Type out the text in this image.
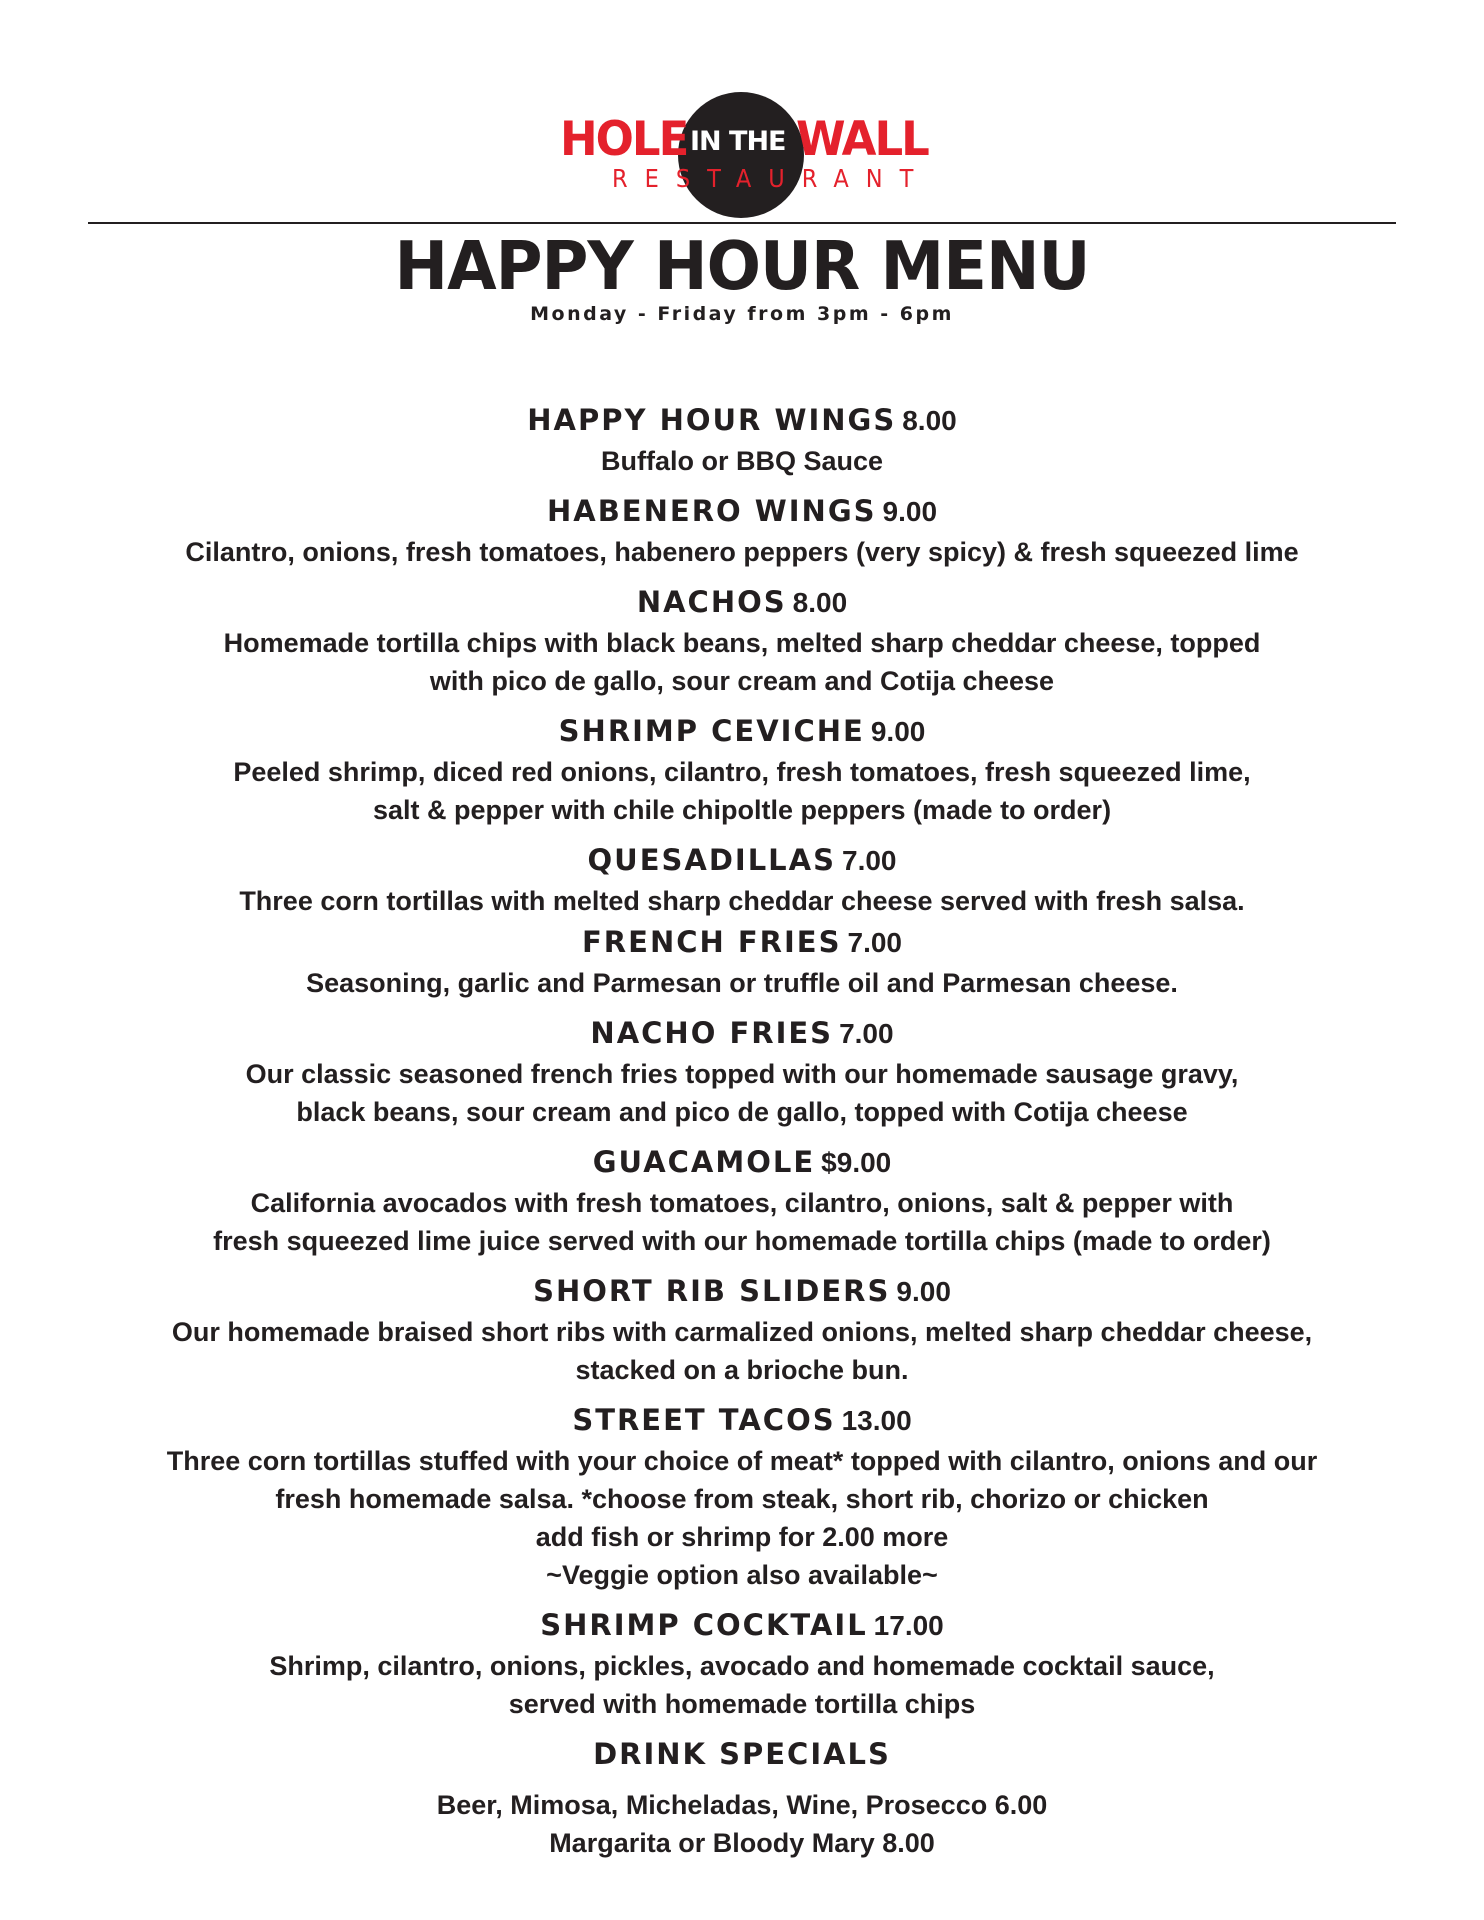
HOLE IN THE WALL
RESTAURANT
HAPPY HOUR MENU
Monday - Friday from 3pm - 6pm
HAPPY HOUR WINGS 8.00
Buffalo or BBQ Sauce
HABENERO WINGS 9.00
Cilantro, onions, fresh tomatoes, habenero peppers (very spicy) & fresh squeezed lime
NACHOS 8.00
Homemade tortilla chips with black beans, melted sharp cheddar cheese, topped
with pico de gallo, sour cream and Cotija cheese
SHRIMP CEVICHE 9.00
Peeled shrimp, diced red onions, cilantro, fresh tomatoes, fresh squeezed lime,
salt & pepper with chile chipoltle peppers (made to order)
QUESADILLAS 7.00
Three corn tortillas with melted sharp cheddar cheese served with fresh salsa.
FRENCH FRIES 7.00
Seasoning, garlic and Parmesan or truffle oil and Parmesan cheese.
NACHO FRIES 7.00
Our classic seasoned french fries topped with our homemade sausage gravy,
black beans, sour cream and pico de gallo, topped with Cotija cheese
GUACAMOLE $9.00
California avocados with fresh tomatoes, cilantro, onions, salt & pepper with
fresh squeezed lime juice served with our homemade tortilla chips (made to order)
SHORT RIB SLIDERS 9.00
Our homemade braised short ribs with carmalized onions, melted sharp cheddar cheese,
stacked on a brioche bun.
STREET TACOS 13.00
Three corn tortillas stuffed with your choice of meat* topped with cilantro, onions and our
fresh homemade salsa. *choose from steak, short rib, chorizo or chicken
add fish or shrimp for 2.00 more
~Veggie option also available~
SHRIMP COCKTAIL 17.00
Shrimp, cilantro, onions, pickles, avocado and homemade cocktail sauce,
served with homemade tortilla chips
DRINK SPECIALS
Beer, Mimosa, Micheladas, Wine, Prosecco 6.00
Margarita or Bloody Mary 8.00
